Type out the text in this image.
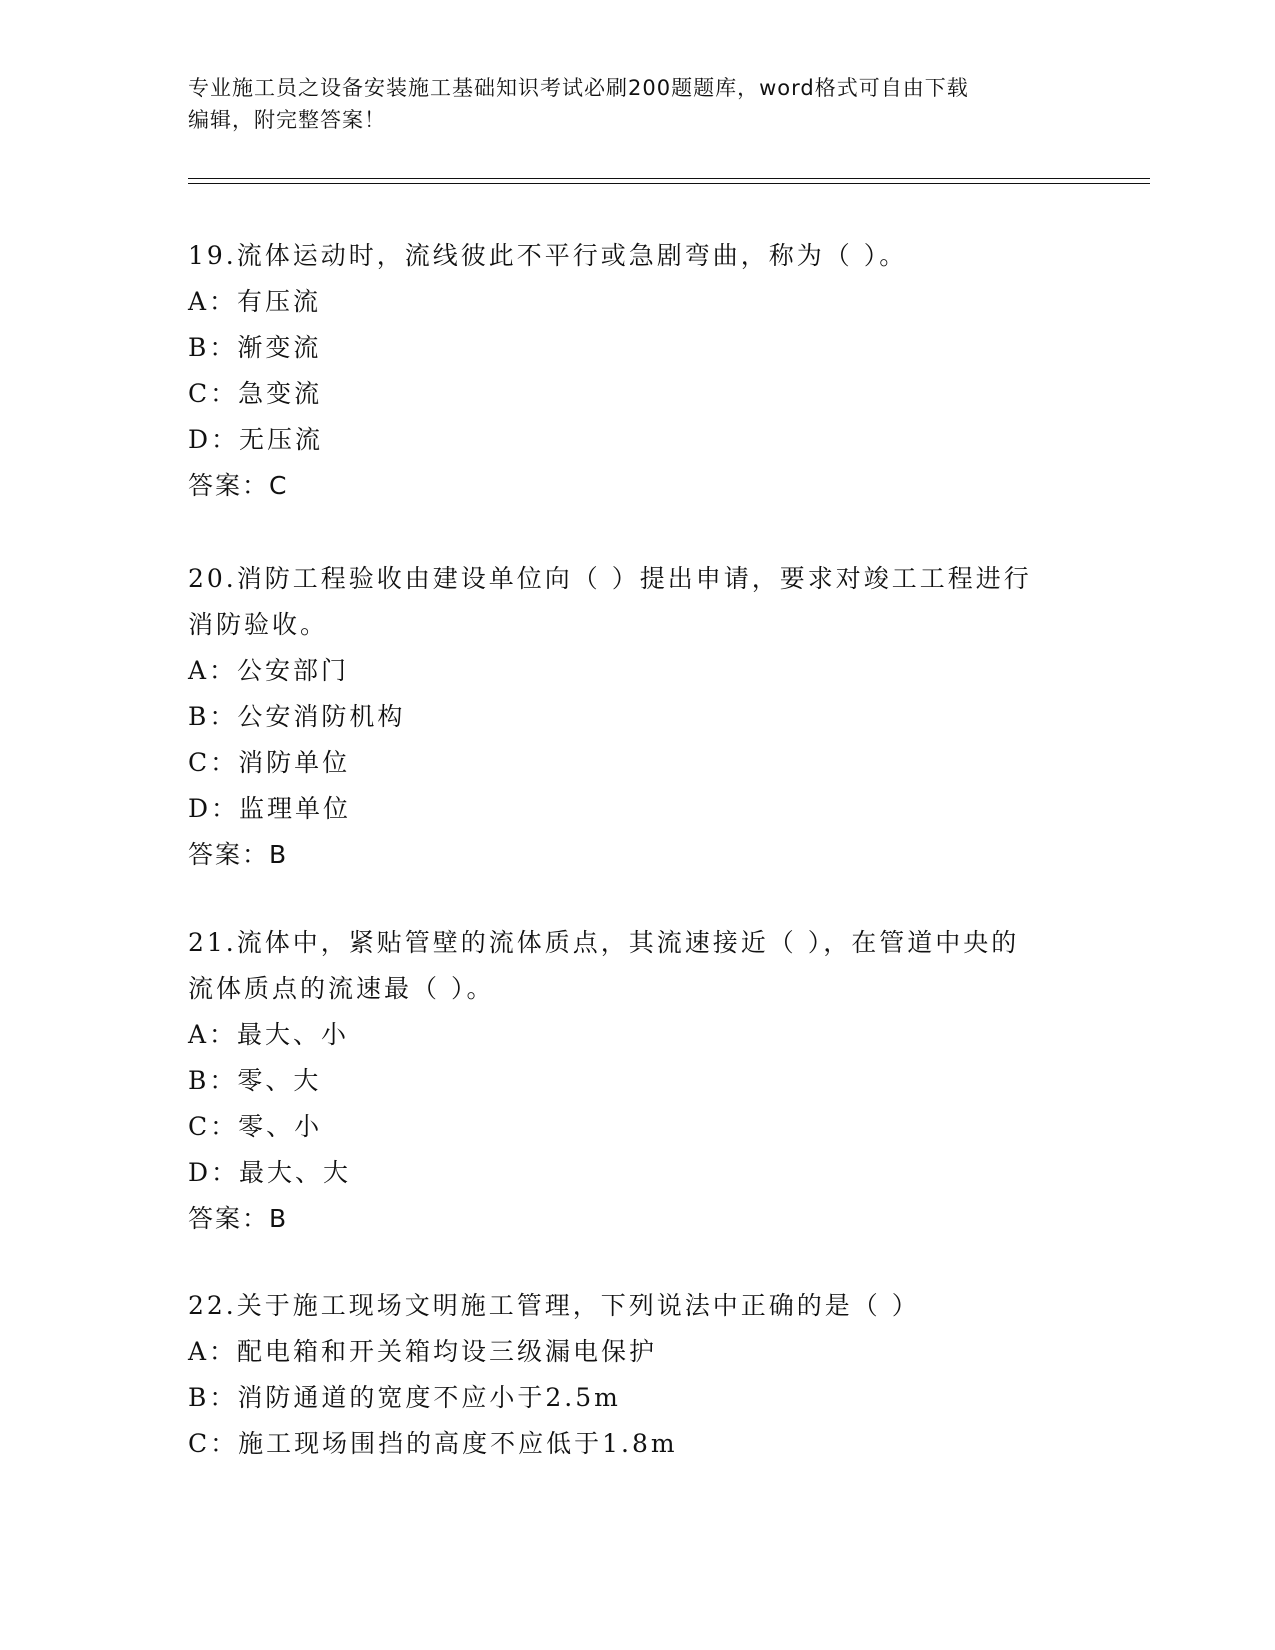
专业施工员之设备安装施工基础知识考试必刷200题题库，word格式可自由下载
编辑，附完整答案！
19.流体运动时，流线彼此不平行或急剧弯曲，称为（ ）。
A：有压流
B：渐变流
C：急变流
D：无压流
答案：C
20.消防工程验收由建设单位向（ ）提出申请，要求对竣工工程进行
消防验收。
A：公安部门
B：公安消防机构
C：消防单位
D：监理单位
答案：B
21.流体中，紧贴管壁的流体质点，其流速接近（ ），在管道中央的
流体质点的流速最（ ）。
A：最大、小
B：零、大
C：零、小
D：最大、大
答案：B
22.关于施工现场文明施工管理，下列说法中正确的是（ ）
A：配电箱和开关箱均设三级漏电保护
B：消防通道的宽度不应小于2.5m
C：施工现场围挡的高度不应低于1.8m
